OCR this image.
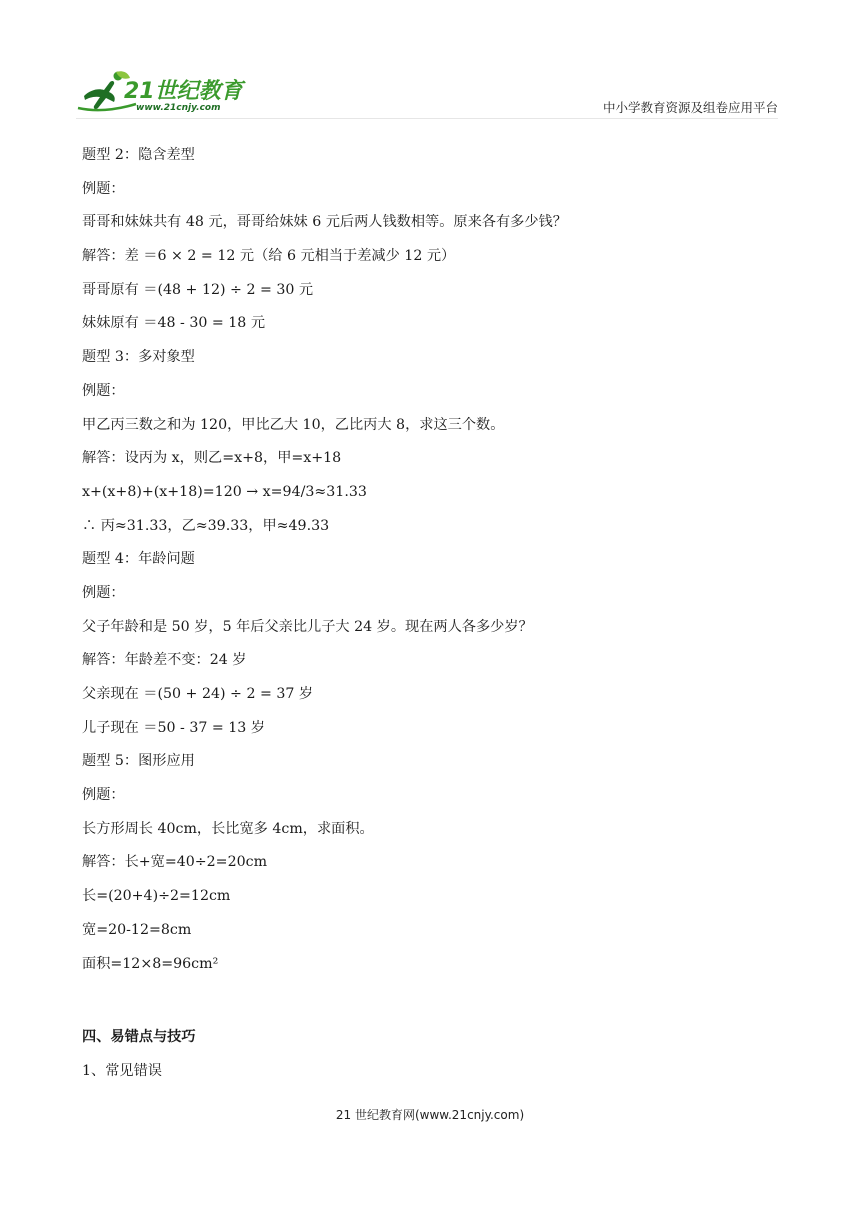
21世纪教育
www.21cnjy.com	中小学教育资源及组卷应用平台
题型 2：隐含差型
例题：
哥哥和妹妹共有 48 元，哥哥给妹妹 6 元后两人钱数相等。原来各有多少钱？
解答：差 ＝6 × 2 = 12 元（给 6 元相当于差减少 12 元）
哥哥原有 ＝(48 + 12) ÷ 2 = 30 元
妹妹原有 ＝48 - 30 = 18 元
题型 3：多对象型
例题：
甲乙丙三数之和为 120，甲比乙大 10，乙比丙大 8，求这三个数。
解答：设丙为 x，则乙=x+8，甲=x+18
x+(x+8)+(x+18)=120 → x=94/3≈31.33
∴ 丙≈31.33，乙≈39.33，甲≈49.33
题型 4：年龄问题
例题：
父子年龄和是 50 岁，5 年后父亲比儿子大 24 岁。现在两人各多少岁？
解答：年龄差不变：24 岁
父亲现在 ＝(50 + 24) ÷ 2 = 37 岁
儿子现在 ＝50 - 37 = 13 岁
题型 5：图形应用
例题：
长方形周长 40cm，长比宽多 4cm，求面积。
解答：长+宽=40÷2=20cm
长=(20+4)÷2=12cm
宽=20-12=8cm
面积=12×8=96cm²
四、易错点与技巧
1、常见错误
21 世纪教育网(www.21cnjy.com)
